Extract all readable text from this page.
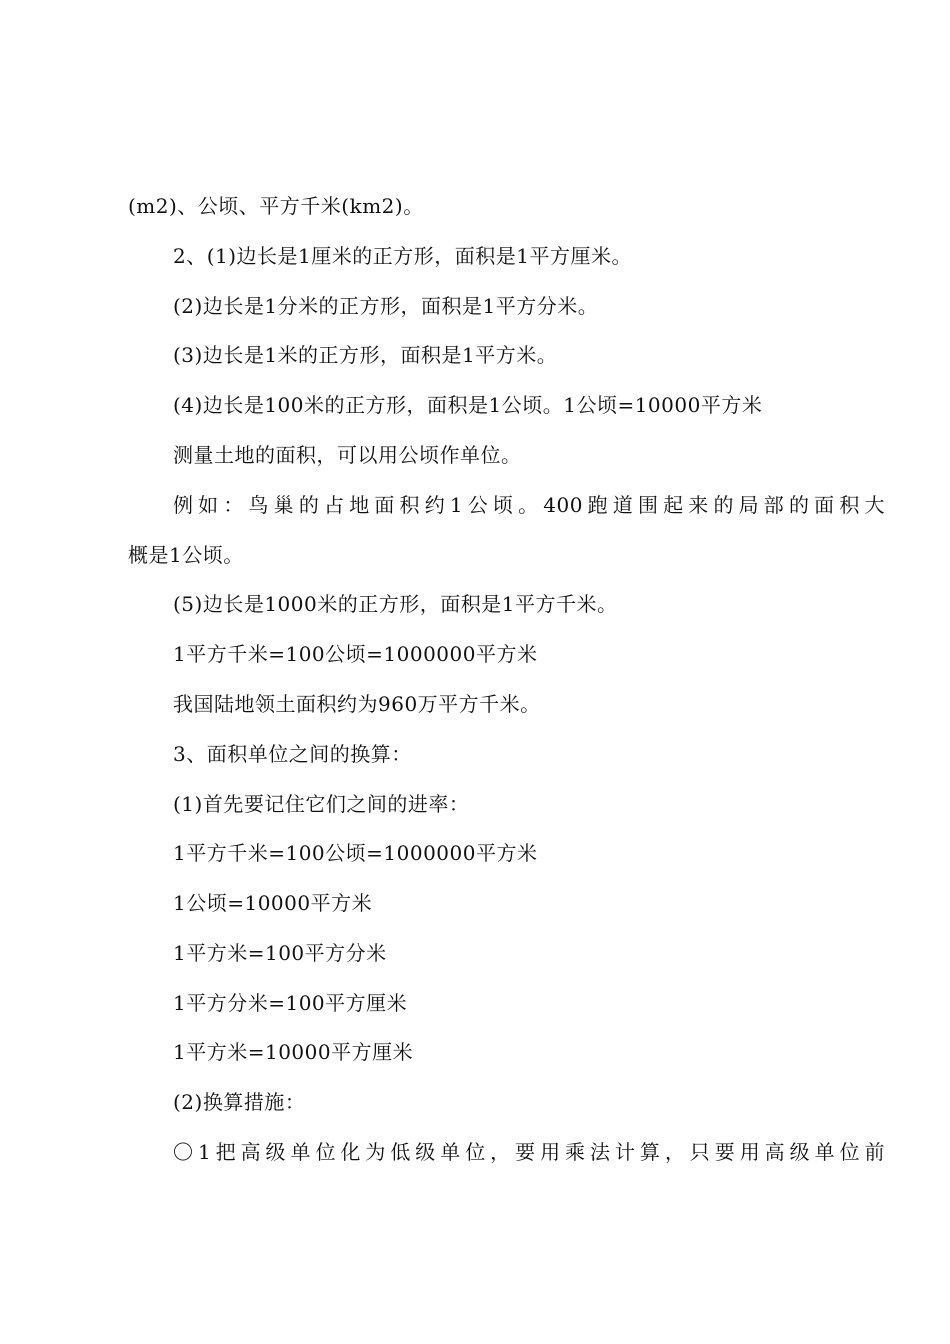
(m2)、公顷、平方千米(km2)。
2、(1)边长是1厘米的正方形，面积是1平方厘米。
(2)边长是1分米的正方形，面积是1平方分米。
(3)边长是1米的正方形，面积是1平方米。
(4)边长是100米的正方形，面积是1公顷。1公顷=10000平方米
测量土地的面积，可以用公顷作单位。
例如：鸟巢的占地面积约1公顷。400跑道围起来的局部的面积大
概是1公顷。
(5)边长是1000米的正方形，面积是1平方千米。
1平方千米=100公顷=1000000平方米
我国陆地领土面积约为960万平方千米。
3、面积单位之间的换算：
(1)首先要记住它们之间的进率：
1平方千米=100公顷=1000000平方米
1公顷=10000平方米
1平方米=100平方分米
1平方分米=100平方厘米
1平方米=10000平方厘米
(2)换算措施：
〇1把高级单位化为低级单位，要用乘法计算，只要用高级单位前
